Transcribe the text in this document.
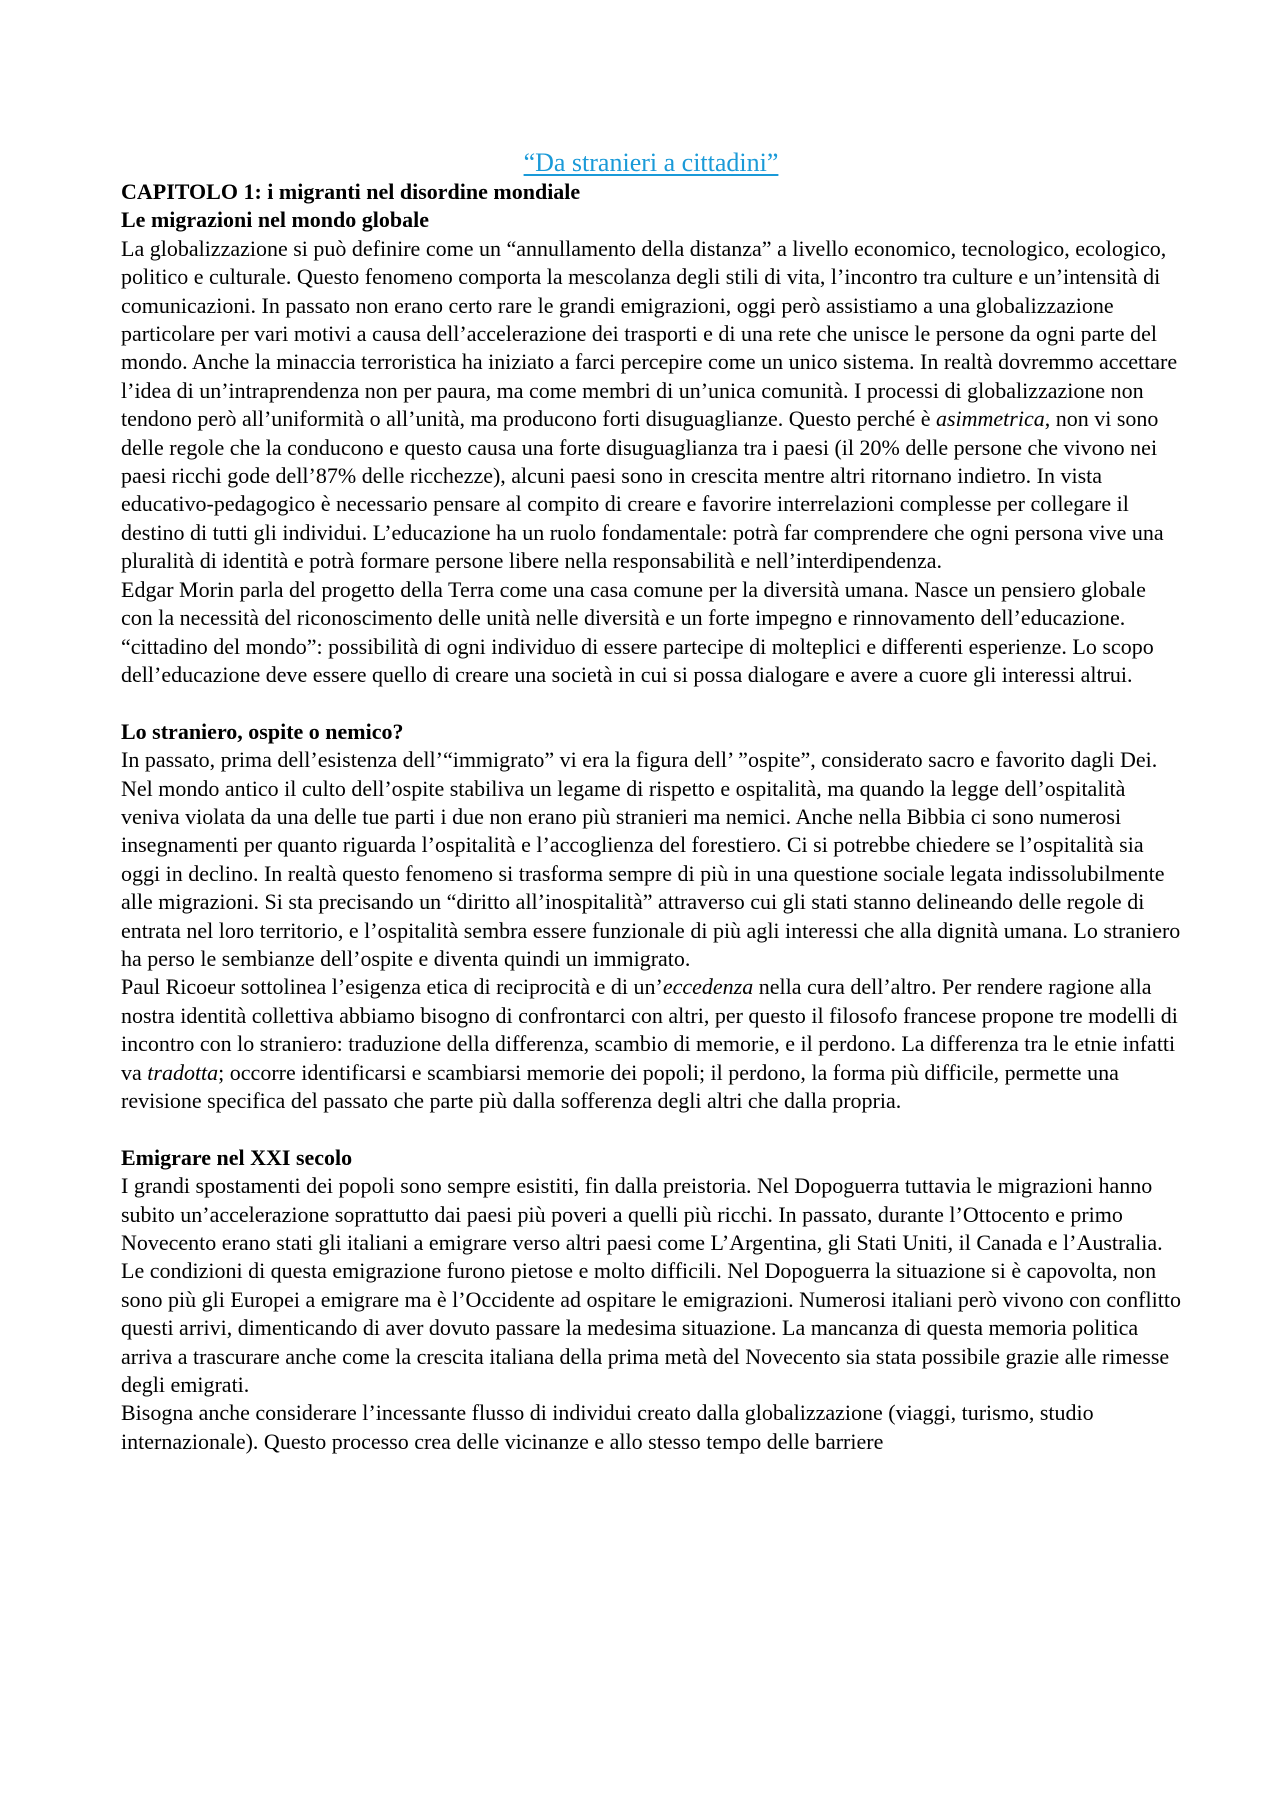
“Da stranieri a cittadini”

CAPITOLO 1: i migranti nel disordine mondiale

Le migrazioni nel mondo globale

La globalizzazione si può definire come un “annullamento della distanza” a livello economico, tecnologico, ecologico, politico e culturale. Questo fenomeno comporta la mescolanza degli stili di vita, l’incontro tra culture e un’intensità di comunicazioni. In passato non erano certo rare le grandi emigrazioni, oggi però assistiamo a una globalizzazione particolare per vari motivi a causa dell’accelerazione dei trasporti e di una rete che unisce le persone da ogni parte del mondo. Anche la minaccia terroristica ha iniziato a farci percepire come un unico sistema. In realtà dovremmo accettare l’idea di un’intraprendenza non per paura, ma come membri di un’unica comunità. I processi di globalizzazione non tendono però all’uniformità o all’unità, ma producono forti disuguaglianze. Questo perché è asimmetrica, non vi sono delle regole che la conducono e questo causa una forte disuguaglianza tra i paesi (il 20% delle persone che vivono nei paesi ricchi gode dell’87% delle ricchezze), alcuni paesi sono in crescita mentre altri ritornano indietro. In vista educativo-pedagogico è necessario pensare al compito di creare e favorire interrelazioni complesse per collegare il destino di tutti gli individui. L’educazione ha un ruolo fondamentale: potrà far comprendere che ogni persona vive una pluralità di identità e potrà formare persone libere nella responsabilità e nell’interdipendenza.

Edgar Morin parla del progetto della Terra come una casa comune per la diversità umana. Nasce un pensiero globale con la necessità del riconoscimento delle unità nelle diversità e un forte impegno e rinnovamento dell’educazione.

“cittadino del mondo”: possibilità di ogni individuo di essere partecipe di molteplici e differenti esperienze. Lo scopo dell’educazione deve essere quello di creare una società in cui si possa dialogare e avere a cuore gli interessi altrui.

Lo straniero, ospite o nemico?

In passato, prima dell’esistenza dell’“immigrato” vi era la figura dell’ ”ospite”, considerato sacro e favorito dagli Dei. Nel mondo antico il culto dell’ospite stabiliva un legame di rispetto e ospitalità, ma quando la legge dell’ospitalità veniva violata da una delle tue parti i due non erano più stranieri ma nemici. Anche nella Bibbia ci sono numerosi insegnamenti per quanto riguarda l’ospitalità e l’accoglienza del forestiero. Ci si potrebbe chiedere se l’ospitalità sia oggi in declino. In realtà questo fenomeno si trasforma sempre di più in una questione sociale legata indissolubilmente alle migrazioni. Si sta precisando un “diritto all’inospitalità” attraverso cui gli stati stanno delineando delle regole di entrata nel loro territorio, e l’ospitalità sembra essere funzionale di più agli interessi che alla dignità umana. Lo straniero ha perso le sembianze dell’ospite e diventa quindi un immigrato.

Paul Ricoeur sottolinea l’esigenza etica di reciprocità e di un’eccedenza nella cura dell’altro. Per rendere ragione alla nostra identità collettiva abbiamo bisogno di confrontarci con altri, per questo il filosofo francese propone tre modelli di incontro con lo straniero: traduzione della differenza, scambio di memorie, e il perdono. La differenza tra le etnie infatti va tradotta; occorre identificarsi e scambiarsi memorie dei popoli; il perdono, la forma più difficile, permette una revisione specifica del passato che parte più dalla sofferenza degli altri che dalla propria.

Emigrare nel XXI secolo

I grandi spostamenti dei popoli sono sempre esistiti, fin dalla preistoria. Nel Dopoguerra tuttavia le migrazioni hanno subito un’accelerazione soprattutto dai paesi più poveri a quelli più ricchi. In passato, durante l’Ottocento e primo Novecento erano stati gli italiani a emigrare verso altri paesi come L’Argentina, gli Stati Uniti, il Canada e l’Australia. Le condizioni di questa emigrazione furono pietose e molto difficili. Nel Dopoguerra la situazione si è capovolta, non sono più gli Europei a emigrare ma è l’Occidente ad ospitare le emigrazioni. Numerosi italiani però vivono con conflitto questi arrivi, dimenticando di aver dovuto passare la medesima situazione. La mancanza di questa memoria politica arriva a trascurare anche come la crescita italiana della prima metà del Novecento sia stata possibile grazie alle rimesse degli emigrati.

Bisogna anche considerare l’incessante flusso di individui creato dalla globalizzazione (viaggi, turismo, studio internazionale). Questo processo crea delle vicinanze e allo stesso tempo delle barriere
